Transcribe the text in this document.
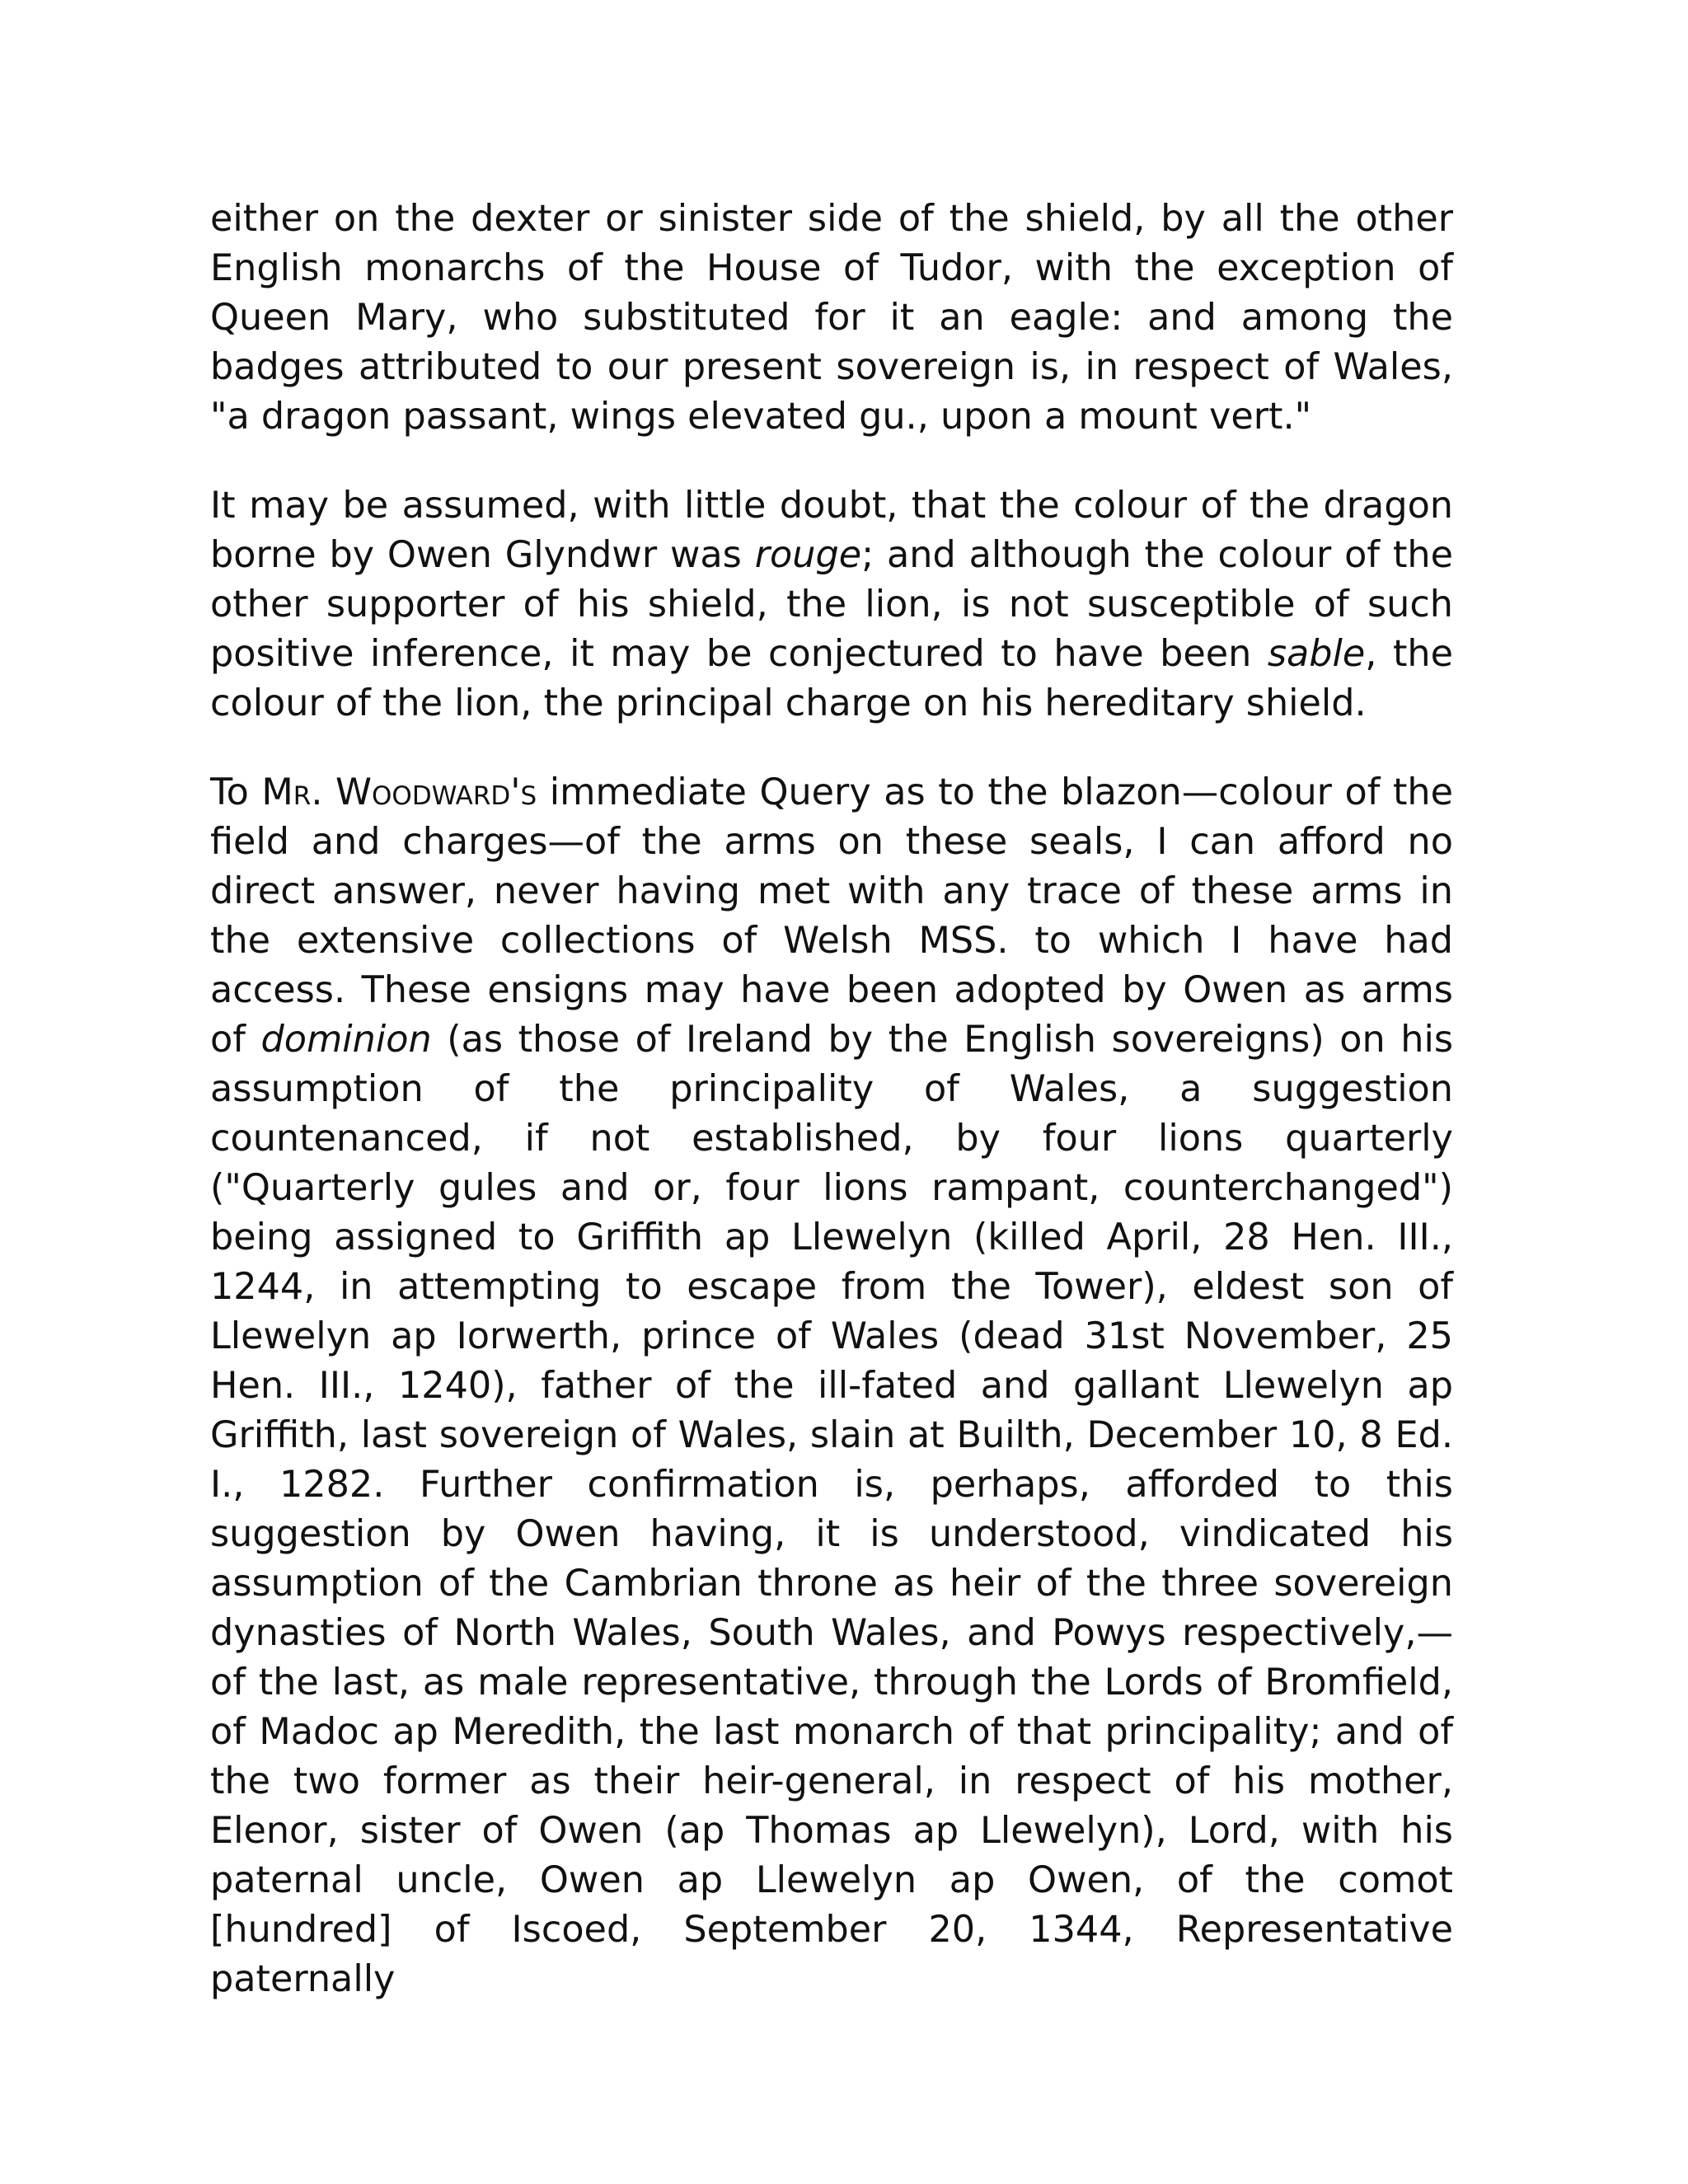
either on the dexter or sinister side of the shield, by all the other English monarchs of the House of Tudor, with the exception of Queen Mary, who substituted for it an eagle: and among the badges attributed to our present sovereign is, in respect of Wales, "a dragon passant, wings elevated gu., upon a mount vert."

It may be assumed, with little doubt, that the colour of the dragon borne by Owen Glyndwr was rouge; and although the colour of the other supporter of his shield, the lion, is not susceptible of such positive inference, it may be conjectured to have been sable, the colour of the lion, the principal charge on his hereditary shield.

To Mr. Woodward's immediate Query as to the blazon—colour of the field and charges—of the arms on these seals, I can afford no direct answer, never having met with any trace of these arms in the extensive collections of Welsh MSS. to which I have had access. These ensigns may have been adopted by Owen as arms of dominion (as those of Ireland by the English sovereigns) on his assumption of the principality of Wales, a suggestion countenanced, if not established, by four lions quarterly ("Quarterly gules and or, four lions rampant, counterchanged") being assigned to Griffith ap Llewelyn (killed April, 28 Hen. III., 1244, in attempting to escape from the Tower), eldest son of Llewelyn ap Iorwerth, prince of Wales (dead 31st November, 25 Hen. III., 1240), father of the ill-fated and gallant Llewelyn ap Griffith, last sovereign of Wales, slain at Builth, December 10, 8 Ed. I., 1282. Further confirmation is, perhaps, afforded to this suggestion by Owen having, it is understood, vindicated his assumption of the Cambrian throne as heir of the three sovereign dynasties of North Wales, South Wales, and Powys respectively,—of the last, as male representative, through the Lords of Bromfield, of Madoc ap Meredith, the last monarch of that principality; and of the two former as their heir-general, in respect of his mother, Elenor, sister of Owen (ap Thomas ap Llewelyn), Lord, with his paternal uncle, Owen ap Llewelyn ap Owen, of the comot [hundred] of Iscoed, September 20, 1344, Representative paternally
